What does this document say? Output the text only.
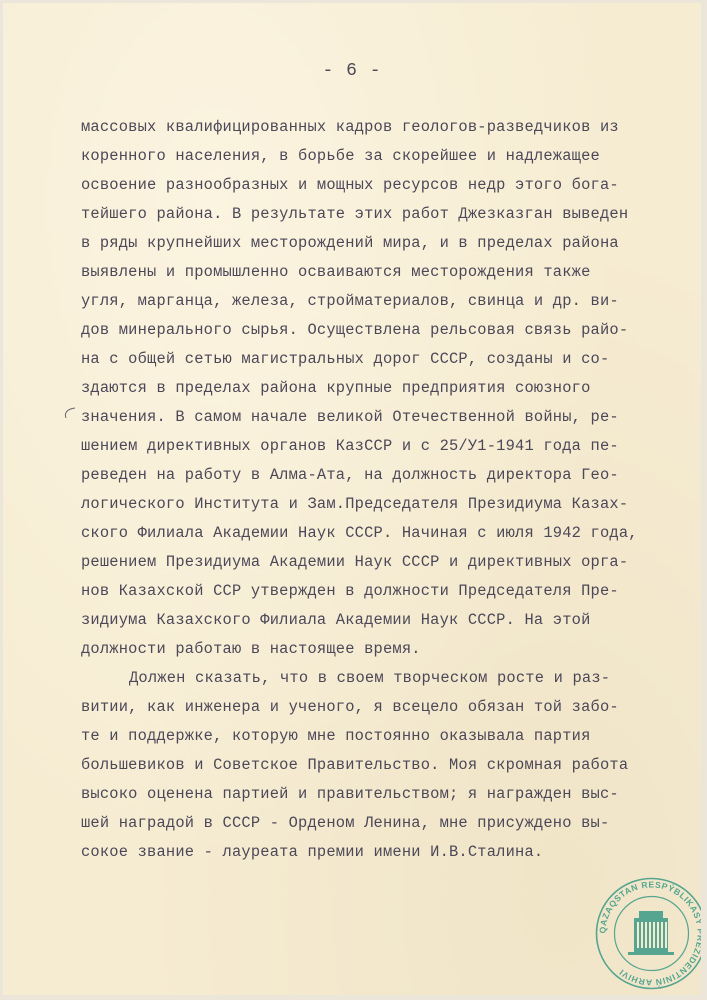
- 6 -
массовых квалифицированных кадров геологов-разведчиков из
коренного населения, в борьбе за скорейшее и надлежащее
освоение разнообразных и мощных ресурсов недр этого бога-
тейшего района. В результате этих работ Джезказган выведен
в ряды крупнейших месторождений мира, и в пределах района
выявлены и промышленно осваиваются месторождения также
угля, марганца, железа, стройматериалов, свинца и др. ви-
дов минерального сырья. Осуществлена рельсовая связь райо-
на с общей сетью магистральных дорог СССР, созданы и со-
здаются в пределах района крупные предприятия союзного
значения. В самом начале великой Отечественной войны, ре-
шением директивных органов КазССР и с 25/У1-1941 года пе-
реведен на работу в Алма-Ата, на должность директора Гео-
логического Института и Зам.Председателя Президиума Казах-
ского Филиала Академии Наук СССР. Начиная с июля 1942 года,
решением Президиума Академии Наук СССР и директивных орга-
нов Казахской ССР утвержден в должности Председателя Пре-
зидиума Казахского Филиала Академии Наук СССР. На этой
должности работаю в настоящее время.
Должен сказать, что в своем творческом росте и раз-
витии, как инженера и ученого, я всецело обязан той забо-
те и поддержке, которую мне постоянно оказывала партия
большевиков и Советское Правительство. Моя скромная работа
высоко оценена партией и правительством; я награжден выс-
шей наградой в СССР - Орденом Ленина, мне присуждено вы-
сокое звание - лауреата премии имени И.В.Сталина.
QAZAQSTAN RESPÝBLIKASY PREZIDENTINIŃ ARHIVI
